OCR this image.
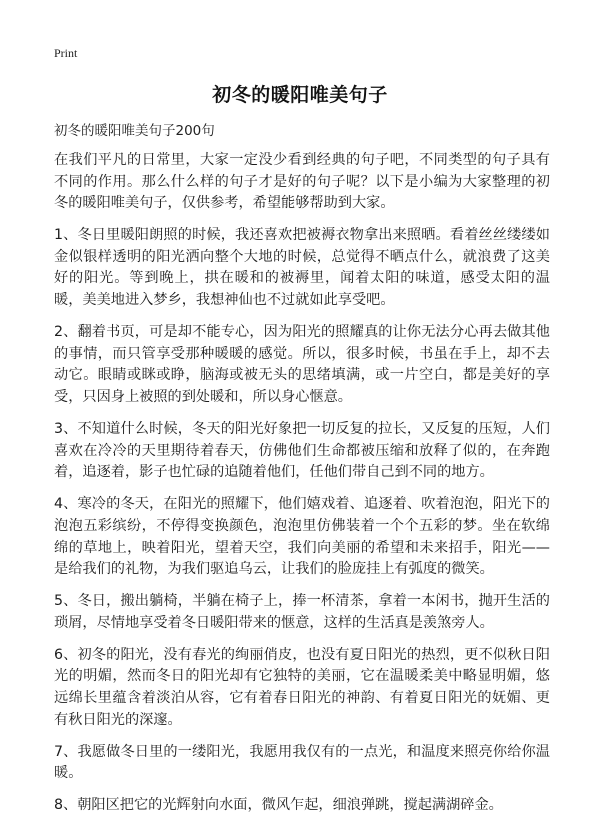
Print
初冬的暖阳唯美句子
初冬的暖阳唯美句子200句

在我们平凡的日常里，大家一定没少看到经典的句子吧，不同类型的句子具有不同的作用。那么什么样的句子才是好的句子呢？以下是小编为大家整理的初冬的暖阳唯美句子，仅供参考，希望能够帮助到大家。

1、冬日里暖阳朗照的时候，我还喜欢把被褥衣物拿出来照晒。看着丝丝缕缕如金似银样透明的阳光洒向整个大地的时候，总觉得不晒点什么，就浪费了这美好的阳光。等到晚上，拱在暖和的被褥里，闻着太阳的味道，感受太阳的温暖，美美地进入梦乡，我想神仙也不过就如此享受吧。

2、翻着书页，可是却不能专心，因为阳光的照耀真的让你无法分心再去做其他的事情，而只管享受那种暖暖的感觉。所以，很多时候，书虽在手上，却不去动它。眼睛或眯或睁，脑海或被无头的思绪填满，或一片空白，都是美好的享受，只因身上被照的到处暖和，所以身心惬意。

3、不知道什么时候，冬天的阳光好象把一切反复的拉长，又反复的压短，人们喜欢在冷冷的天里期待着春天，仿佛他们生命都被压缩和放释了似的，在奔跑着，追逐着，影子也忙碌的追随着他们，任他们带自己到不同的地方。

4、寒冷的冬天，在阳光的照耀下，他们嬉戏着、追逐着、吹着泡泡，阳光下的泡泡五彩缤纷，不停得变换颜色，泡泡里仿佛装着一个个五彩的梦。坐在软绵绵的草地上，映着阳光，望着天空，我们向美丽的希望和未来招手，阳光——是给我们的礼物，为我们驱追乌云，让我们的脸庞挂上有弧度的微笑。

5、冬日，搬出躺椅，半躺在椅子上，捧一杯清茶，拿着一本闲书，抛开生活的琐屑，尽情地享受着冬日暖阳带来的惬意，这样的生活真是羡煞旁人。

6、初冬的阳光，没有春光的绚丽俏皮，也没有夏日阳光的热烈，更不似秋日阳光的明媚，然而冬日的阳光却有它独特的美丽，它在温暖柔美中略显明媚，悠远绵长里蕴含着淡泊从容，它有着春日阳光的神韵、有着夏日阳光的妩媚、更有秋日阳光的深邃。

7、我愿做冬日里的一缕阳光，我愿用我仅有的一点光，和温度来照亮你给你温暖。

8、朝阳区把它的光辉射向水面，微风乍起，细浪弹跳，搅起满湖碎金。
